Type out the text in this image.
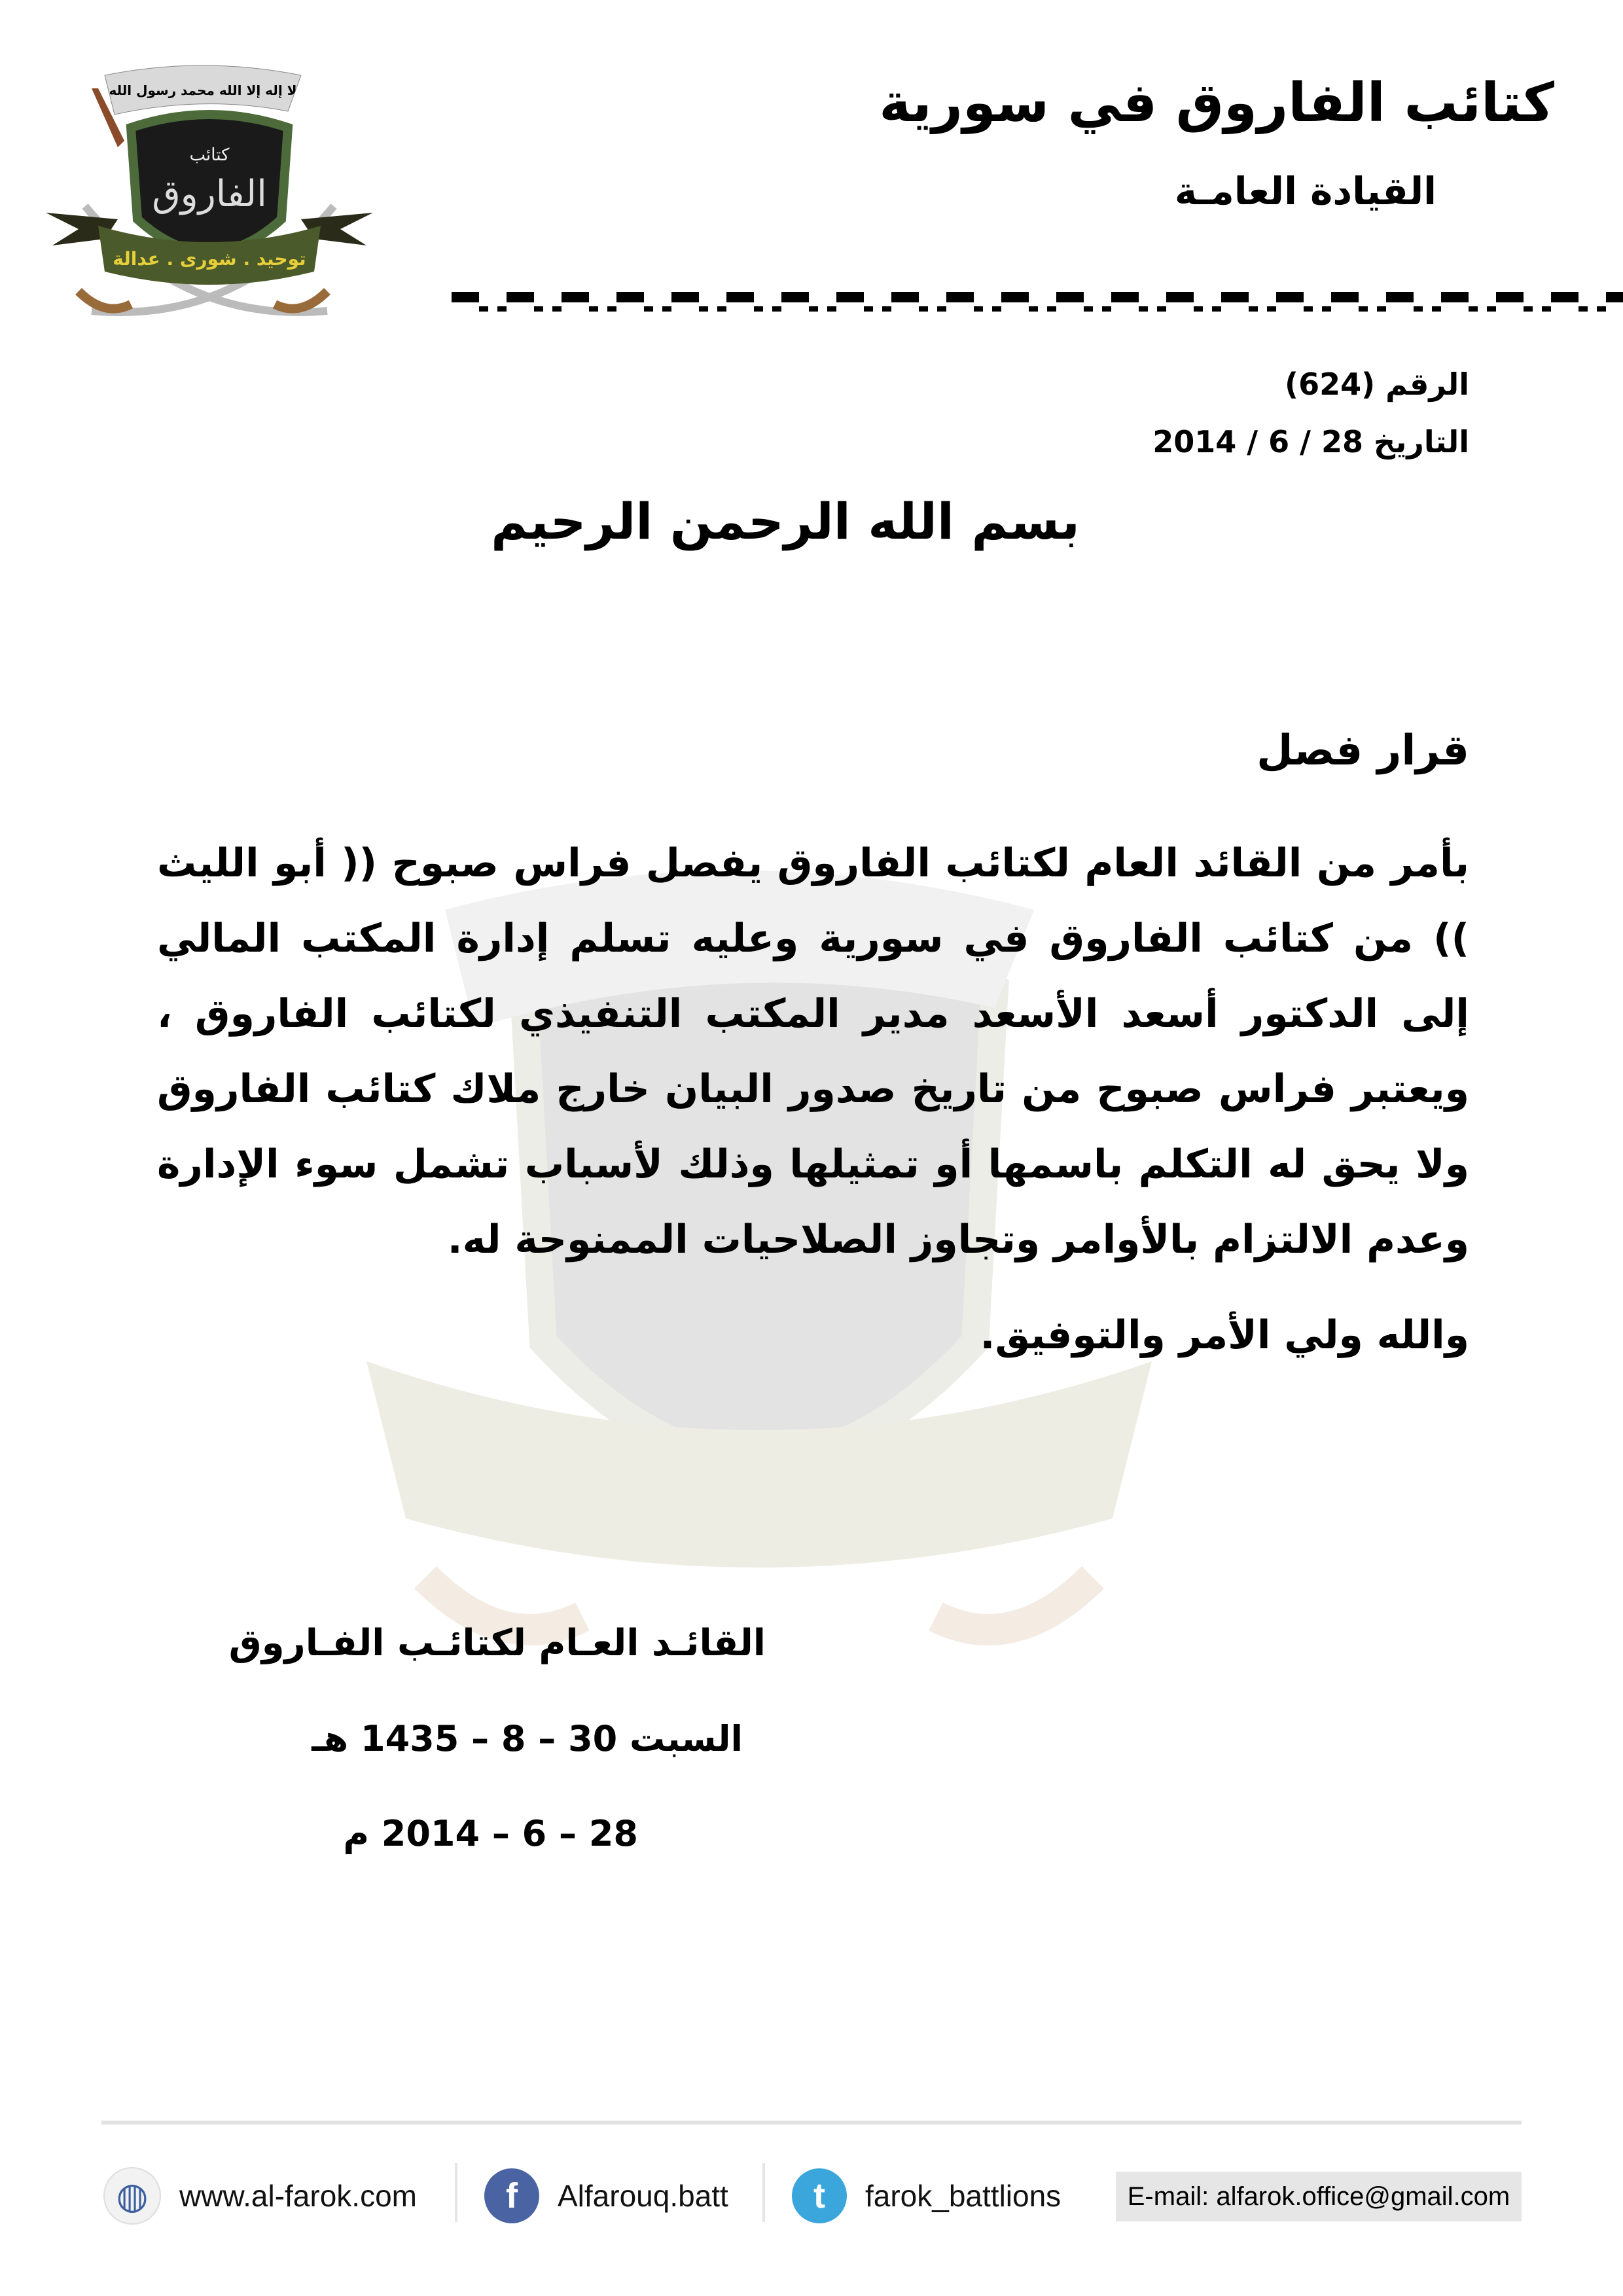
لا إله إلا الله محمد رسول الله
كتائب
الفاروق
توحيد . شورى . عدالة
كتائب الفاروق في سورية
القيادة العامـة
الرقم (624)
التاريخ 28 / 6 / 2014
بسم الله الرحمن الرحيم
قرار فصل
بأمر من القائد العام لكتائب الفاروق يفصل فراس صبوح (( أبو الليث )) من كتائب الفاروق في سورية وعليه تسلم إدارة المكتب المالي إلى الدكتور أسعد الأسعد مدير المكتب التنفيذي لكتائب الفاروق ، ويعتبر فراس صبوح من تاريخ صدور البيان خارج ملاك كتائب الفاروق ولا يحق له التكلم باسمها أو تمثيلها وذلك لأسباب تشمل سوء الإدارة وعدم الالتزام بالأوامر وتجاوز الصلاحيات الممنوحة له.
والله ولي الأمر والتوفيق.
القائـد العـام لكتائـب الفـاروق
السبت 30 – 8 – 1435 هـ
28 – 6 – 2014 م
◍	www.al-farok.com	f	Alfarouq.batt	t	farok_battlions	E-mail: alfarok.office@gmail.com
